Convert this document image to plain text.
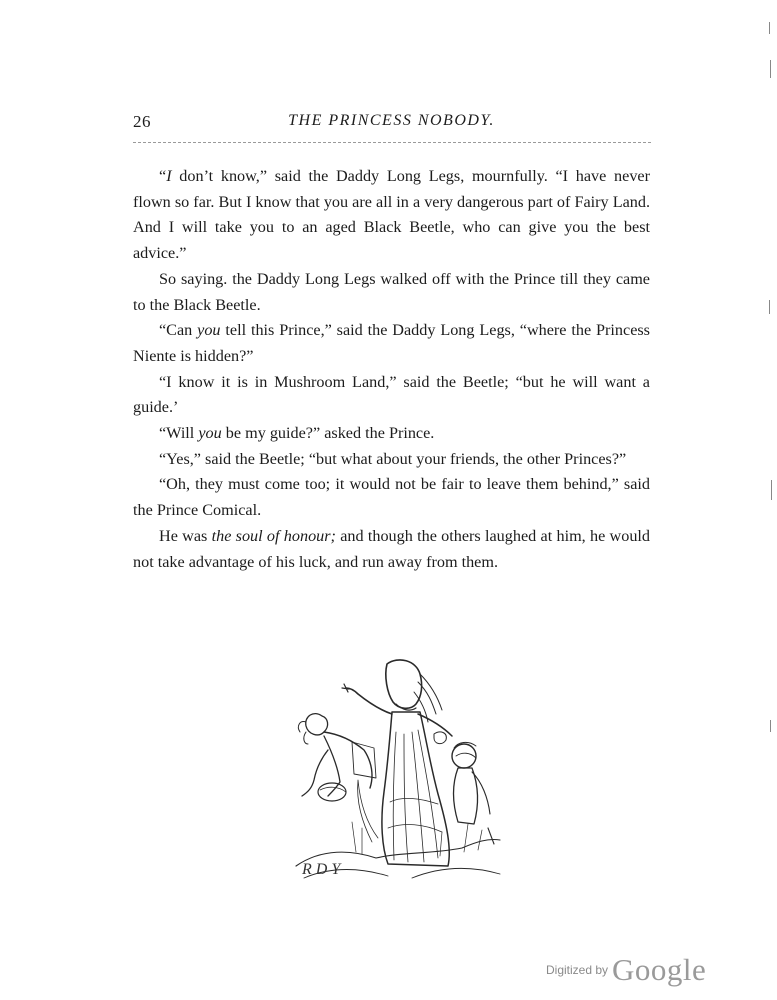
26	THE PRINCESS NOBODY.

“I don’t know,” said the Daddy Long Legs, mournfully. “I have never flown so far. But I know that you are all in a very dangerous part of Fairy Land. And I will take you to an aged Black Beetle, who can give you the best advice.”

So saying. the Daddy Long Legs walked off with the Prince till they came to the Black Beetle.

“Can you tell this Prince,” said the Daddy Long Legs, “where the Princess Niente is hidden?”

“I know it is in Mushroom Land,” said the Beetle; “but he will want a guide.’

“Will you be my guide?” asked the Prince.

“Yes,” said the Beetle; “but what about your friends, the other Princes?”

“Oh, they must come too; it would not be fair to leave them behind,” said the Prince Comical.

He was the soul of honour; and though the others laughed at him, he would not take advantage of his luck, and run away from them.

R D Y
$^{Digitized by}$ Google
